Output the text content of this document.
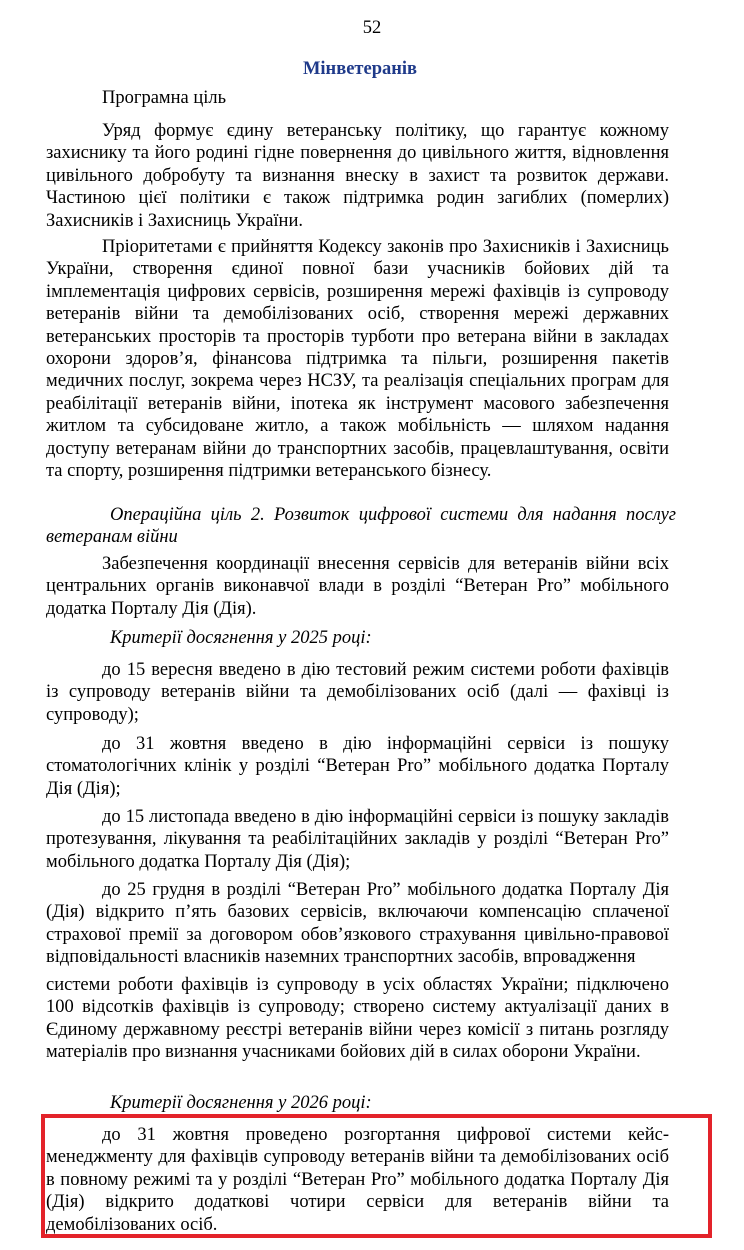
52
Мінветеранів

Програмна ціль

Уряд формує єдину ветеранську політику, що гарантує кожному захиснику та його родині гідне повернення до цивільного життя, відновлення цивільного добробуту та визнання внеску в захист та розвиток держави. Частиною цієї політики є також підтримка родин загиблих (померлих) Захисників і Захисниць України.

Пріоритетами є прийняття Кодексу законів про Захисників і Захисниць України, створення єдиної повної бази учасників бойових дій та імплементація цифрових сервісів, розширення мережі фахівців із супроводу ветеранів війни та демобілізованих осіб, створення мережі державних ветеранських просторів та просторів турботи про ветерана війни в закладах охорони здоров’я, фінансова підтримка та пільги, розширення пакетів медичних послуг, зокрема через НСЗУ, та реалізація спеціальних програм для реабілітації ветеранів війни, іпотека як інструмент масового забезпечення житлом та субсидоване житло, а також мобільність — шляхом надання доступу ветеранам війни до транспортних засобів, працевлаштування, освіти та спорту, розширення підтримки ветеранського бізнесу.

Операційна ціль 2. Розвиток цифрової системи для надання послуг ветеранам війни

Забезпечення координації внесення сервісів для ветеранів війни всіх центральних органів виконавчої влади в розділі “Ветеран Pro” мобільного додатка Порталу Дія (Дія).

Критерії досягнення у 2025 році:

до 15 вересня введено в дію тестовий режим системи роботи фахівців із супроводу ветеранів війни та демобілізованих осіб (далі — фахівці із супроводу);

до 31 жовтня введено в дію інформаційні сервіси із пошуку стоматологічних клінік у розділі “Ветеран Pro” мобільного додатка Порталу Дія (Дія);

до 15 листопада введено в дію інформаційні сервіси із пошуку закладів протезування, лікування та реабілітаційних закладів у розділі “Ветеран Pro” мобільного додатка Порталу Дія (Дія);

до 25 грудня в розділі “Ветеран Pro” мобільного додатка Порталу Дія (Дія) відкрито п’ять базових сервісів, включаючи компенсацію сплаченої страхової премії за договором обов’язкового страхування цивільно-правової відповідальності власників наземних транспортних засобів, впровадження

системи роботи фахівців із супроводу в усіх областях України; підключено 100 відсотків фахівців із супроводу; створено систему актуалізації даних в Єдиному державному реєстрі ветеранів війни через комісії з питань розгляду матеріалів про визнання учасниками бойових дій в силах оборони України.

Критерії досягнення у 2026 році:

до 31 жовтня проведено розгортання цифрової системи кейс-менеджменту для фахівців супроводу ветеранів війни та демобілізованих осіб в повному режимі та у розділі “Ветеран Pro” мобільного додатка Порталу Дія (Дія) відкрито додаткові чотири сервіси для ветеранів війни та демобілізованих осіб.
